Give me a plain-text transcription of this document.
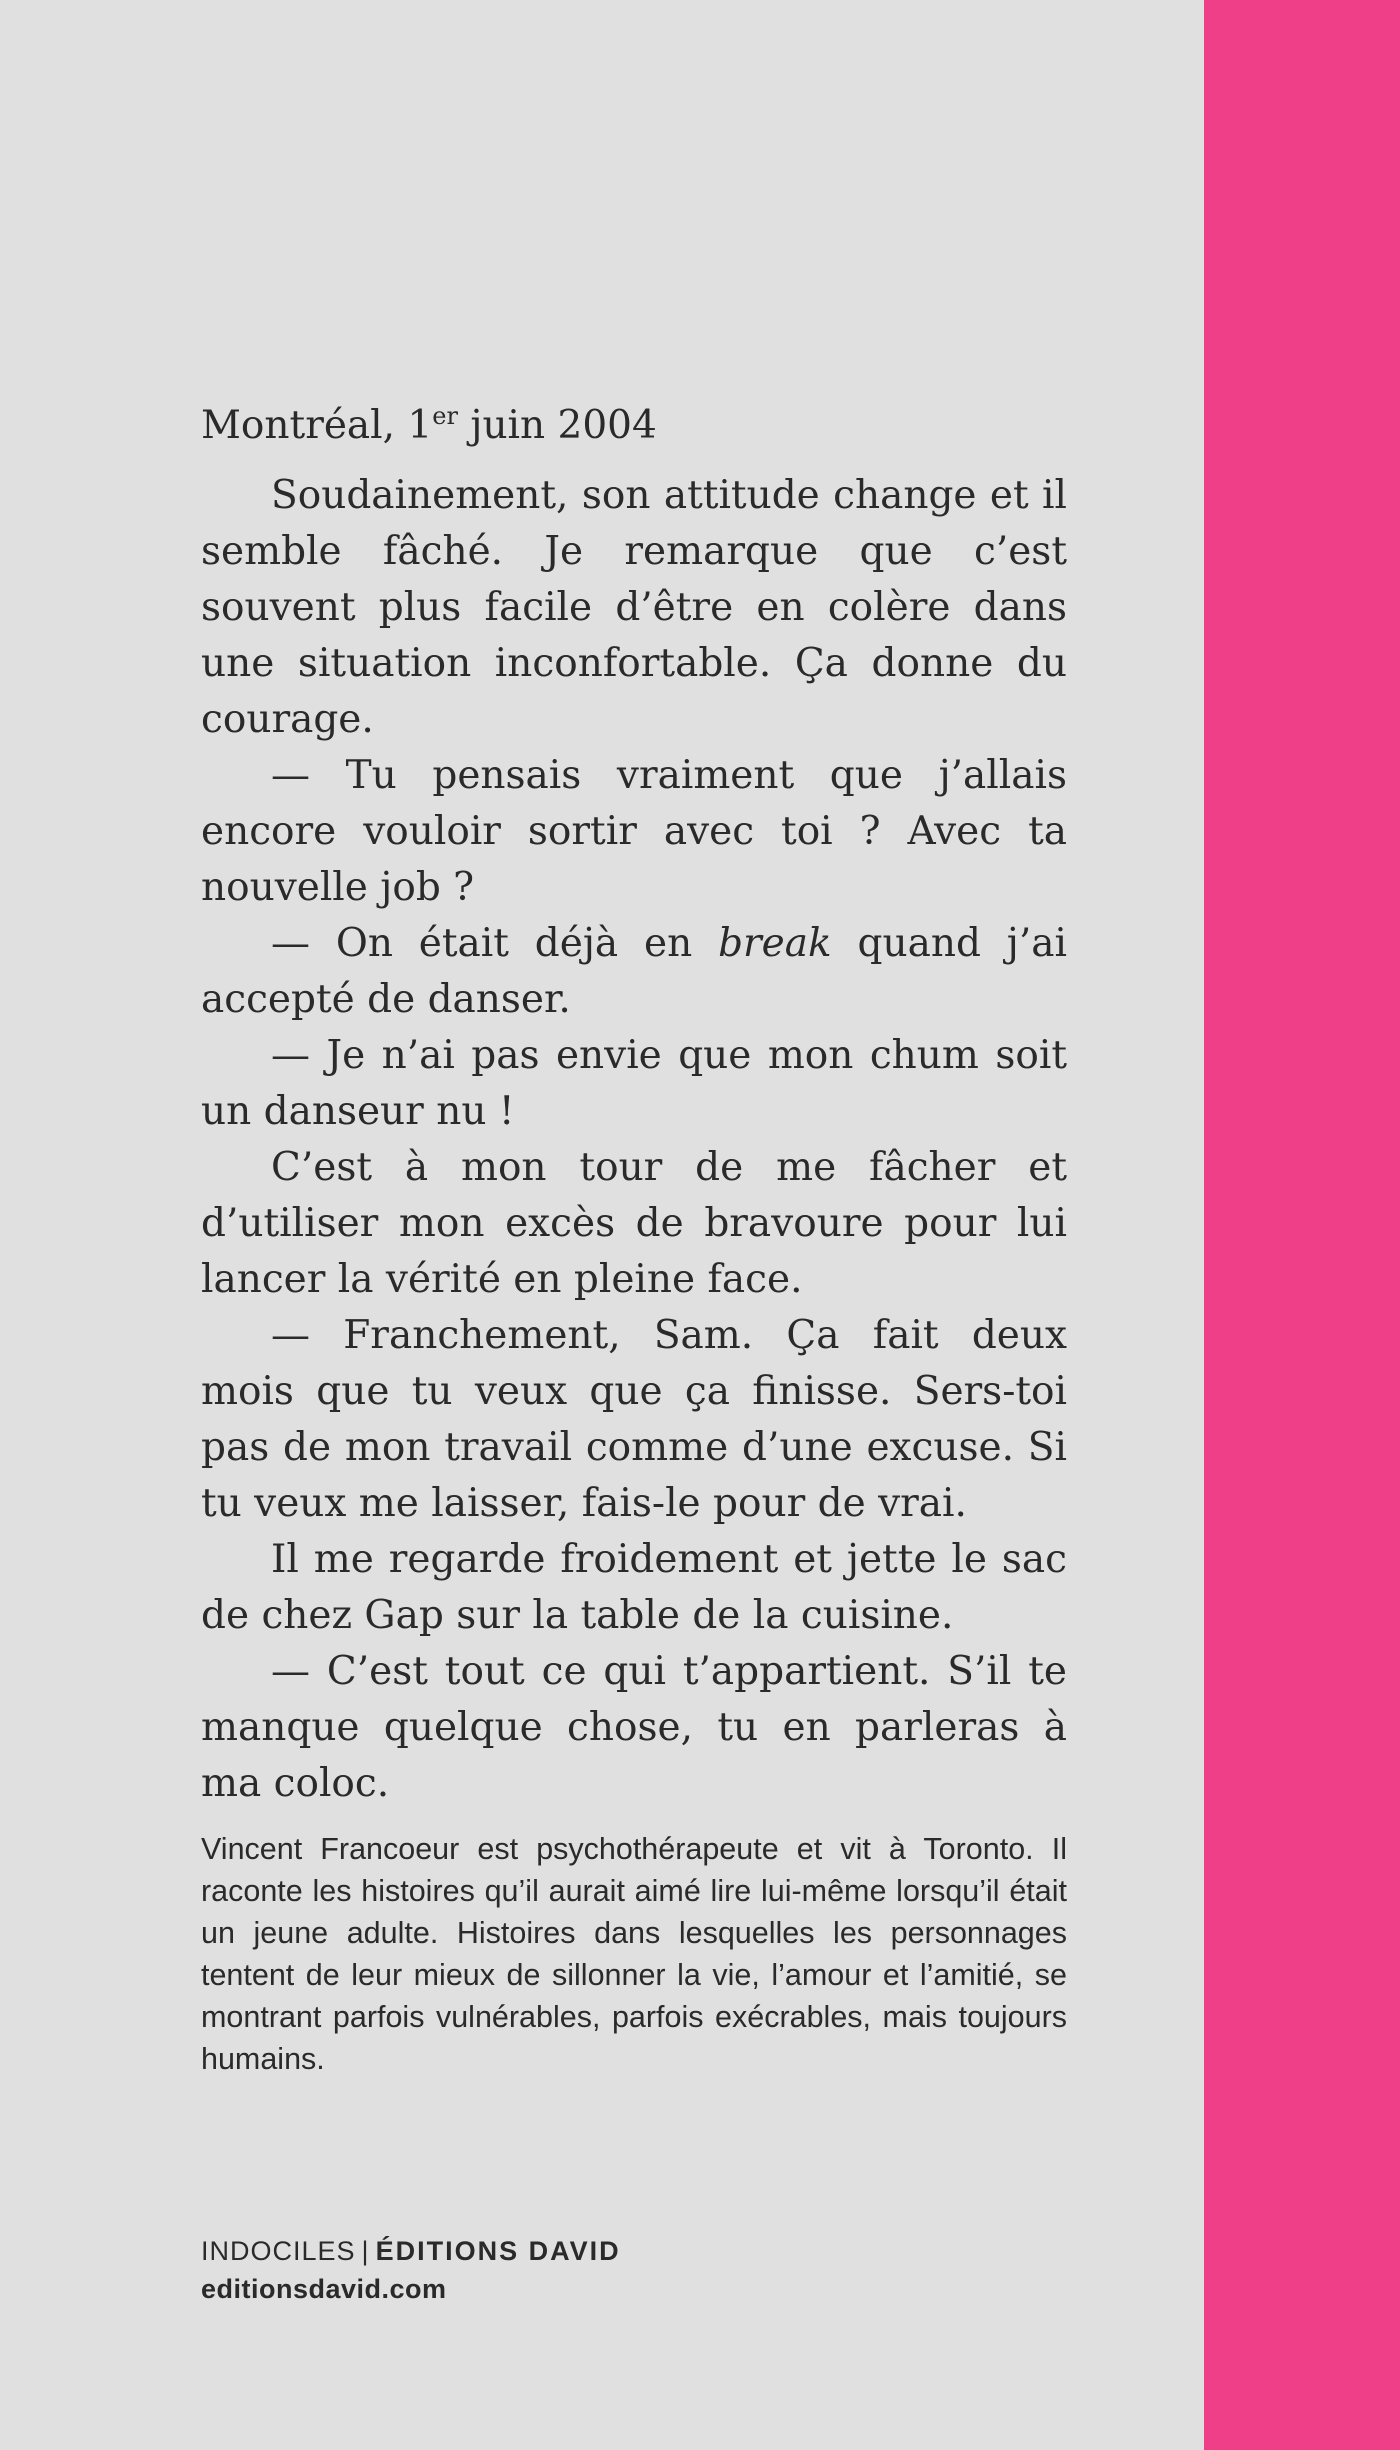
Montréal, 1er juin 2004

Soudainement, son attitude change et il semble fâché. Je remarque que c’est souvent plus facile d’être en colère dans une situation inconfortable. Ça donne du courage.

— Tu pensais vraiment que j’allais encore vouloir sortir avec toi ? Avec ta nouvelle job ?

— On était déjà en break quand j’ai accepté de danser.

— Je n’ai pas envie que mon chum soit un danseur nu !

C’est à mon tour de me fâcher et d’utiliser mon excès de bravoure pour lui lancer la vérité en pleine face.

— Franchement, Sam. Ça fait deux mois que tu veux que ça finisse. Sers-toi pas de mon travail comme d’une excuse. Si tu veux me laisser, fais-le pour de vrai.

Il me regarde froidement et jette le sac de chez Gap sur la table de la cuisine.

— C’est tout ce qui t’appartient. S’il te manque quelque chose, tu en parleras à ma coloc.

Vincent Francoeur est psychothérapeute et vit à Toronto. Il raconte les histoires qu’il aurait aimé lire lui-même lorsqu’il était un jeune adulte. Histoires dans lesquelles les personnages tentent de leur mieux de sillonner la vie, l’amour et l’amitié, se montrant parfois vulnérables, parfois exécrables, mais toujours humains.

INDOCILES | ÉDITIONS DAVID
editionsdavid.com
